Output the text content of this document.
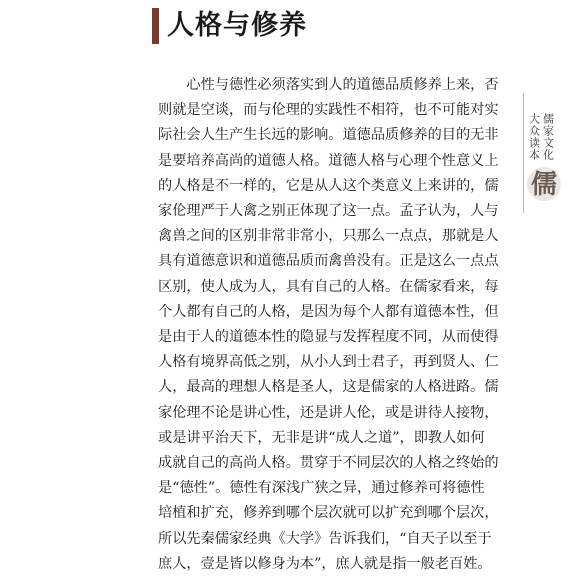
人格与修养

　　心性与德性必须落实到人的道德品质修养上来，否

则就是空谈，而与伦理的实践性不相符，也不可能对实

际社会人生产生长远的影响。道德品质修养的目的无非

是要培养高尚的道德人格。道德人格与心理个性意义上

的人格是不一样的，它是从人这个类意义上来讲的，儒

家伦理严于人禽之别正体现了这一点。孟子认为，人与

禽兽之间的区别非常非常小，只那么一点点，那就是人

具有道德意识和道德品质而禽兽没有。正是这么一点点

区别，使人成为人，具有自己的人格。在儒家看来，每

个人都有自己的人格，是因为每个人都有道德本性，但

是由于人的道德本性的隐显与发挥程度不同，从而使得

人格有境界高低之别，从小人到士君子，再到贤人、仁

人，最高的理想人格是圣人，这是儒家的人格进路。儒

家伦理不论是讲心性，还是讲人伦，或是讲待人接物，

或是讲平治天下，无非是讲“成人之道”，即教人如何

成就自己的高尚人格。贯穿于不同层次的人格之终始的

是“德性”。德性有深浅广狭之异，通过修养可将德性

培植和扩充，修养到哪个层次就可以扩充到哪个层次，

所以先秦儒家经典《大学》告诉我们，“自天子以至于

庶人，壹是皆以修身为本”，庶人就是指一般老百姓。

儒家文化
大众读本
儒
